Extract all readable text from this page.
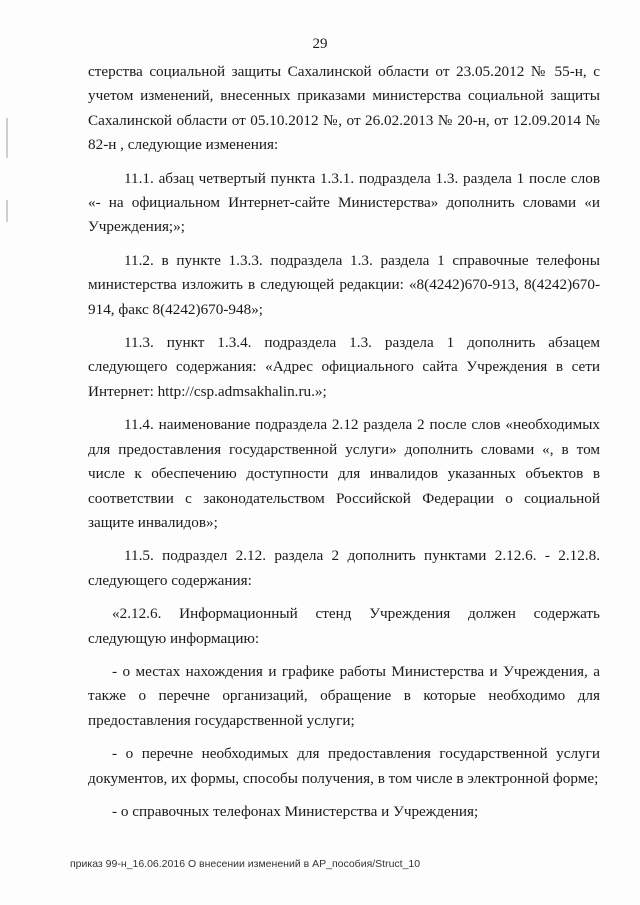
29

стерства социальной защиты Сахалинской области от 23.05.2012 № 55-н, с учетом изменений, внесенных приказами министерства социальной защиты Сахалинской области от 05.10.2012 №, от 26.02.2013 № 20-н, от 12.09.2014 № 82-н , следующие изменения:

11.1. абзац четвертый пункта 1.3.1. подраздела 1.3. раздела 1 после слов «- на официальном Интернет-сайте Министерства» дополнить словами «и Учреждения;»;

11.2. в пункте 1.3.3. подраздела 1.3. раздела 1 справочные телефоны министерства изложить в следующей редакции: «8(4242)670-913, 8(4242)670-914, факс 8(4242)670-948»;

11.3. пункт 1.3.4. подраздела 1.3. раздела 1 дополнить абзацем следующего содержания: «Адрес официального сайта Учреждения в сети Интернет: http://csp.admsakhalin.ru.»;

11.4. наименование подраздела 2.12 раздела 2 после слов «необходимых для предоставления государственной услуги» дополнить словами «, в том числе к обеспечению доступности для инвалидов указанных объектов в соответствии с законодательством Российской Федерации о социальной защите инвалидов»;

11.5. подраздел 2.12. раздела 2 дополнить пунктами 2.12.6. - 2.12.8. следующего содержания:

«2.12.6. Информационный стенд Учреждения должен содержать следующую информацию:

- о местах нахождения и графике работы Министерства и Учреждения, а также о перечне организаций, обращение в которые необходимо для предоставления государственной услуги;

- о перечне необходимых для предоставления государственной услуги документов, их формы, способы получения, в том числе в электронной форме;

- о справочных телефонах Министерства и Учреждения;

приказ 99-н_16.06.2016 О внесении изменений в АР_пособия/Struct_10
